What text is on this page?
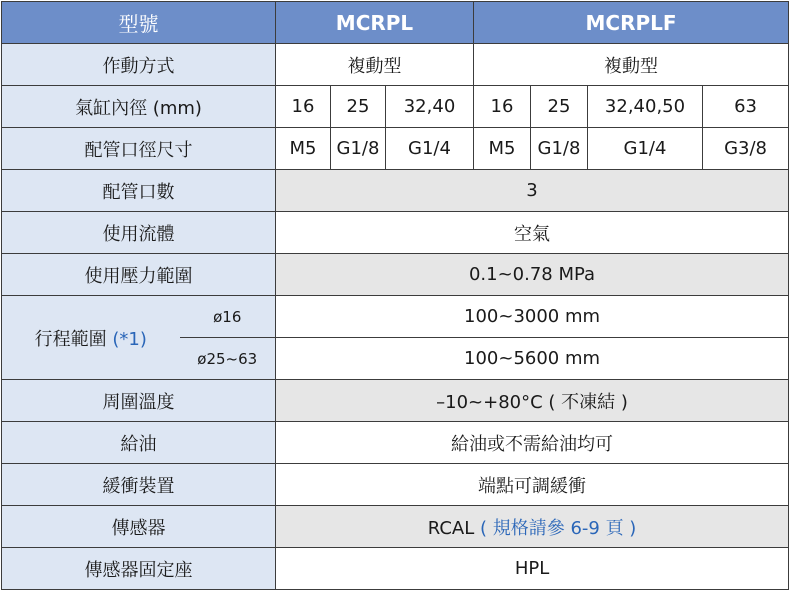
型號		MCRPL			MCRPLF			
作動方式		複動型			複動型			
氣缸內徑 (mm)		16	25	32,40	16	25	32,40,50	63
配管口徑尺寸		M5	G1/8	G1/4	M5	G1/8	G1/4	G3/8
配管口數		3						
使用流體		空氣						
使用壓力範圍		0.1~0.78 MPa						
行程範圍 (*1)	ø16	100~3000 mm						
	ø25~63	100~5600 mm						
周圍溫度		–10~+80°C ( 不凍結 )						
給油		給油或不需給油均可						
緩衝裝置		端點可調緩衝						
傳感器		RCAL ( 規格請參 6-9 頁 )						
傳感器固定座		HPL						
